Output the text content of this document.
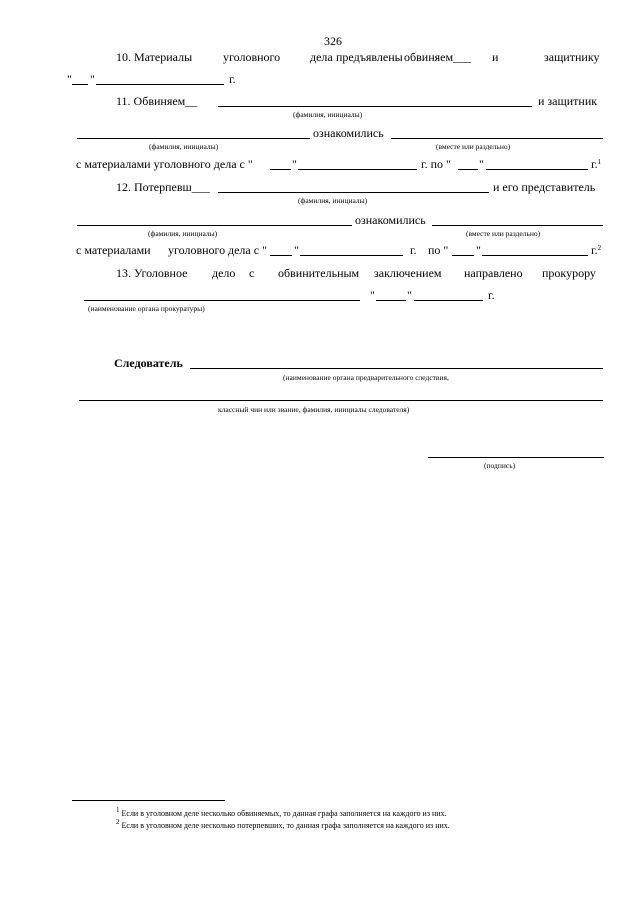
326
10. Материалы	уголовного дела предъявлены обвиняем___ и	защитнику
" "	г.
11. Обвиняем__	и защитник
(фамилия, инициалы)
ознакомились
(фамилия, инициалы)	(вместе или раздельно)
с материалами уголовного дела с "	"	г. по " "	г.$^1$
12. Потерпевш___	и его представитель
(фамилия, инициалы)
ознакомились
(фамилия, инициалы)	(вместе или раздельно)
с материалами уголовного дела с " "	г. по " "	г.$^2$
13. Уголовное дело с обвинительным заключением направлено прокурору
"	"	г.
(наименование органа прокуратуры)
Следователь
(наименование органа предварительного следствия,
классный чин или звание, фамилия, инициалы следователя)
(подпись)
$^1$ Если в уголовном деле несколько обвиняемых, то данная графа заполняется на каждого из них.
$^2$ Если в уголовном деле несколько потерпевших, то данная графа заполняется на каждого из них.
